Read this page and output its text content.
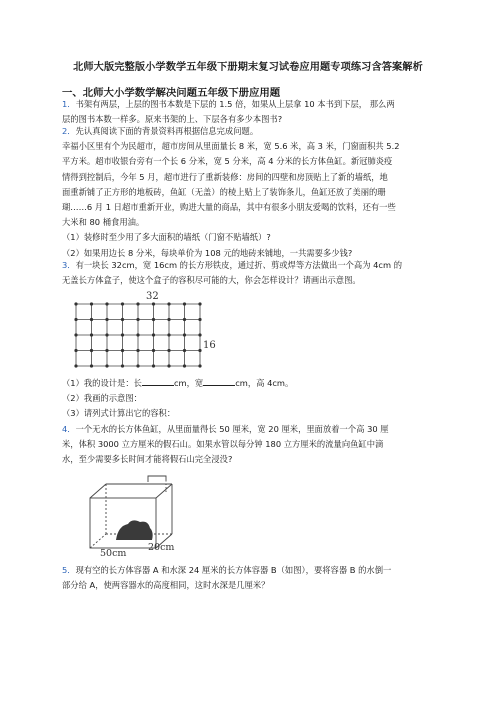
北师大版完整版小学数学五年级下册期末复习试卷应用题专项练习含答案解析
一、北师大小学数学解决问题五年级下册应用题
1．书架有两层，上层的图书本数是下层的 1.5 倍，如果从上层拿 10 本书到下层， 那么两
层的图书本数一样多。原来书架的上、下层各有多少本图书?
2．先认真阅读下面的背景资料再根据信息完成问题。
幸福小区里有个为民超市，超市房间从里面量长 8 米，宽 5.6 米，高 3 米，门窗面积共 5.2
平方米。超市收银台旁有一个长 6 分米，宽 5 分米，高 4 分米的长方体鱼缸。新冠肺炎疫
情得到控制后，今年 5 月，超市进行了重新装修：房间的四壁和房顶贴上了新的墙纸，地
面重新铺了正方形的地板砖，鱼缸（无盖）的棱上贴上了装饰条儿，鱼缸还放了美丽的珊
瑚……6 月 1 日超市重新开业，购进大量的商品，其中有很多小朋友爱喝的饮料，还有一些
大米和 80 桶食用油。
（1）装修时至少用了多大面积的墙纸（门窗不贴墙纸）?
（2）如果用边长 8 分米，每块单价为 108 元的地砖来铺地，一共需要多少钱?
3．有一块长 32cm，宽 16cm 的长方形铁皮，通过折、剪或焊等方法做出一个高为 4cm 的
无盖长方体盒子，使这个盒子的容积尽可能的大，你会怎样设计？请画出示意图。
32
16
（1）我的设计是：长	cm，宽	cm，高 4cm。
（2）我画的示意图：
（3）请列式计算出它的容积：
4．一个无水的长方体鱼缸，从里面量得长 50 厘米，宽 20 厘米，里面放着一个高 30 厘
米，体积 3000 立方厘米的假石山。如果水管以每分钟 180 立方厘米的流量向鱼缸中滴
水，至少需要多长时间才能将假石山完全浸没?
50cm
20cm
5．现有空的长方体容器 A 和水深 24 厘米的长方体容器 B（如图），要将容器 B 的水倒一
部分给 A，使两容器水的高度相同，这时水深是几厘米？
